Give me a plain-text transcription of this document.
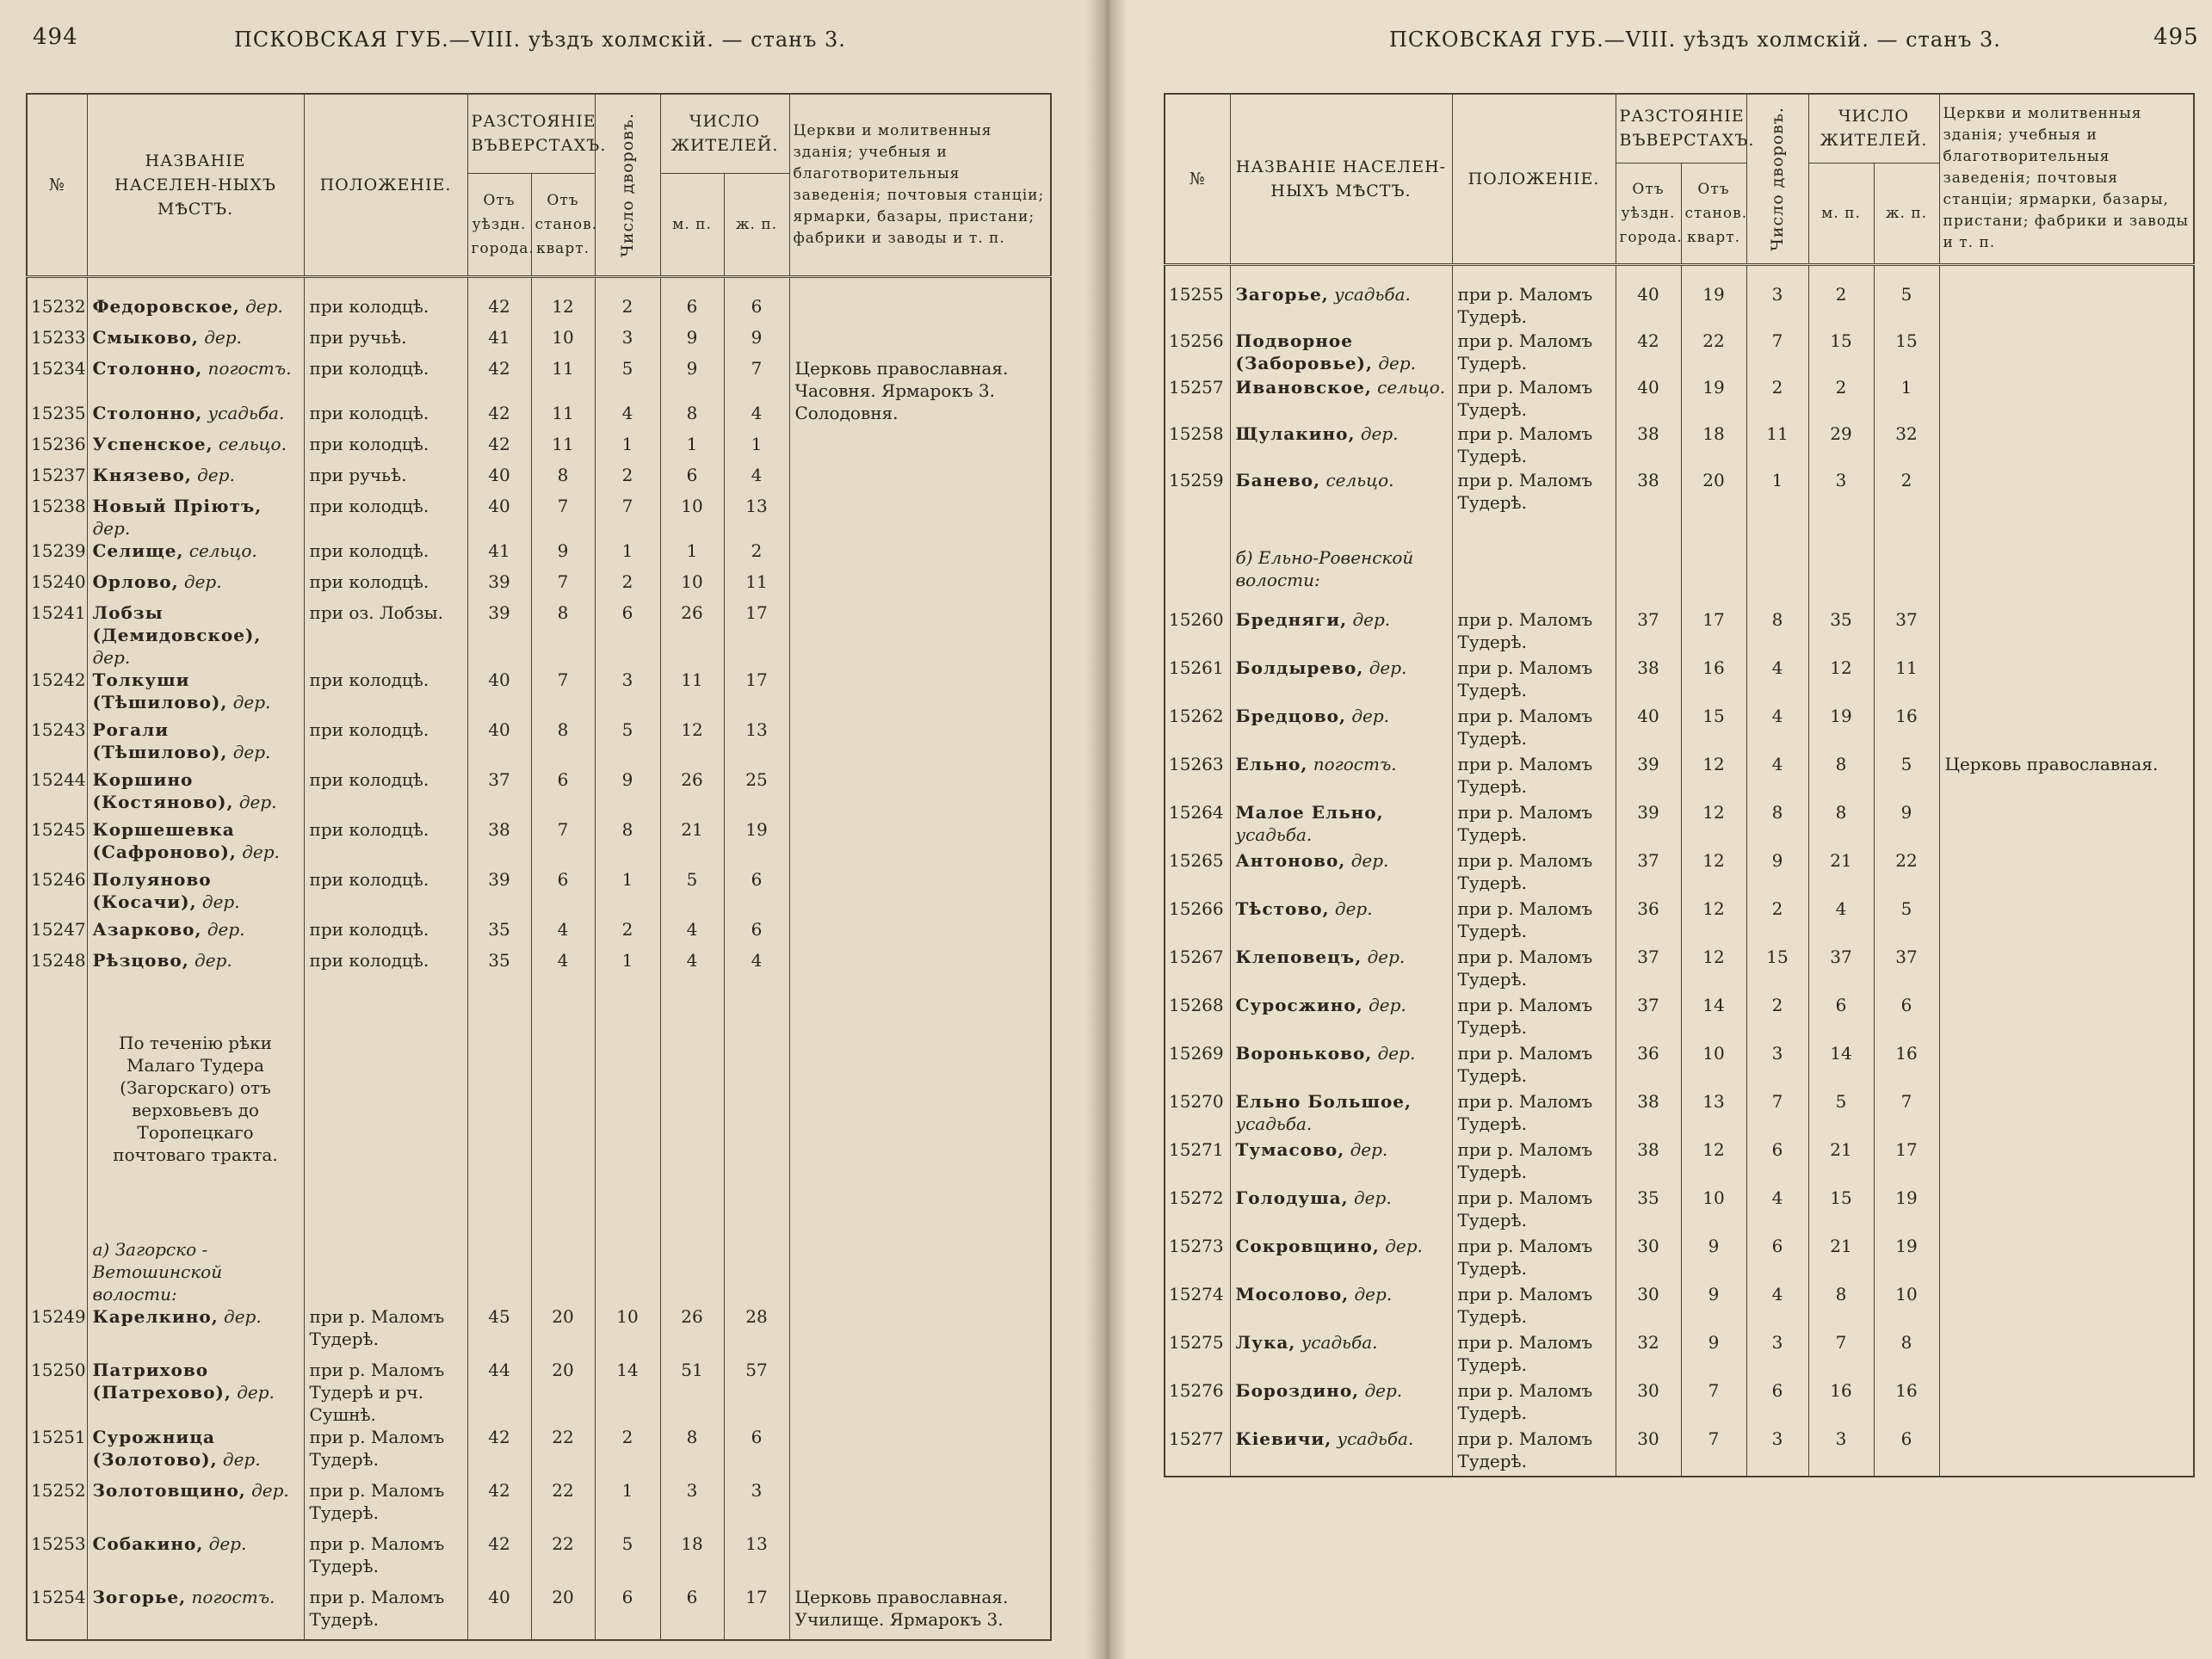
494	ПСКОВСКАЯ ГУБ.—VIII. уѣздъ холмскій. — станъ 3.
№	НАЗВАНІЕ НАСЕЛЕН-НЫХЪ МѢСТЪ.	ПОЛОЖЕНІЕ.	РАЗСТОЯНІЕ ВЪВЕРСТАХЪ.		Число дворовъ.	ЧИСЛО ЖИТЕЛЕЙ.		Церкви и молитвенныя зданія; учебныя и благотворительныя заведенія; почтовыя станціи; ярмарки, базары, пристани; фабрики и заводы и т. п.
			Отъ уѣздн. города.	Отъ станов. кварт.		м. п.	ж. п.	

15232	Федоровское, дер.	при колодцѣ.	42	12	2	6	6	
15233	Смыково, дер.	при ручьѣ.	41	10	3	9	9	
15234	Столонно, погостъ.	при колодцѣ.	42	11	5	9	7	Церковь православная. Часовня. Ярмарокъ 3.
15235	Столонно, усадьба.	при колодцѣ.	42	11	4	8	4	Солодовня.
15236	Успенское, сельцо.	при колодцѣ.	42	11	1	1	1	
15237	Князево, дер.	при ручьѣ.	40	8	2	6	4	
15238	Новый Пріютъ, дер.	при колодцѣ.	40	7	7	10	13	
15239	Селище, сельцо.	при колодцѣ.	41	9	1	1	2	
15240	Орлово, дер.	при колодцѣ.	39	7	2	10	11	
15241	Лобзы (Демидовское), дер.	при оз. Лобзы.	39	8	6	26	17	
15242	Толкуши (Тѣшилово), дер.	при колодцѣ.	40	7	3	11	17	
15243	Рогали (Тѣшилово), дер.	при колодцѣ.	40	8	5	12	13	
15244	Коршино (Костяново), дер.	при колодцѣ.	37	6	9	26	25	
15245	Коршешевка (Сафроново), дер.	при колодцѣ.	38	7	8	21	19	
15246	Полуяново (Косачи), дер.	при колодцѣ.	39	6	1	5	6	
15247	Азарково, дер.	при колодцѣ.	35	4	2	4	6	
15248	Рѣзцово, дер.	при колодцѣ.	35	4	1	4	4	

	По теченію рѣки Малаго Тудера (Загорскаго) отъ верховьевъ до Торопецкаго почтоваго тракта.							
	а) Загорско - Ветошинской волости:							
15249	Карелкино, дер.	при р. Маломъ Тудерѣ.	45	20	10	26	28	
15250	Патрихово (Патрехово), дер.	при р. Маломъ Тудерѣ и рч. Сушнѣ.	44	20	14	51	57	
15251	Сурожница (Золотово), дер.	при р. Маломъ Тудерѣ.	42	22	2	8	6	
15252	Золотовщино, дер.	при р. Маломъ Тудерѣ.	42	22	1	3	3	
15253	Собакино, дер.	при р. Маломъ Тудерѣ.	42	22	5	18	13	
15254	Зогорье, погостъ.	при р. Маломъ Тудерѣ.	40	20	6	6	17	Церковь православная. Училище. Ярмарокъ 3.
ПСКОВСКАЯ ГУБ.—VIII. уѣздъ холмскій. — станъ 3.	495
№	НАЗВАНІЕ НАСЕЛЕН-НЫХЪ МѢСТЪ.	ПОЛОЖЕНІЕ.	РАЗСТОЯНІЕ ВЪВЕРСТАХЪ.		Число дворовъ.	ЧИСЛО ЖИТЕЛЕЙ.		Церкви и молитвенныя зданія; учебныя и благотворительныя заведенія; почтовыя станціи; ярмарки, базары, пристани; фабрики и заводы и т. п.
			Отъ уѣздн. города.	Отъ станов. кварт.		м. п.	ж. п.	

15255	Загорье, усадьба.	при р. Маломъ Тудерѣ.	40	19	3	2	5	
15256	Подворное (Заборовье), дер.	при р. Маломъ Тудерѣ.	42	22	7	15	15	
15257	Ивановское, сельцо.	при р. Маломъ Тудерѣ.	40	19	2	2	1	
15258	Щулакино, дер.	при р. Маломъ Тудерѣ.	38	18	11	29	32	
15259	Банево, сельцо.	при р. Маломъ Тудерѣ.	38	20	1	3	2	

	б) Ельно-Ровенской волости:							
15260	Бредняги, дер.	при р. Маломъ Тудерѣ.	37	17	8	35	37	
15261	Болдырево, дер.	при р. Маломъ Тудерѣ.	38	16	4	12	11	
15262	Бредцово, дер.	при р. Маломъ Тудерѣ.	40	15	4	19	16	
15263	Ельно, погостъ.	при р. Маломъ Тудерѣ.	39	12	4	8	5	Церковь православная.
15264	Малое Ельно, усадьба.	при р. Маломъ Тудерѣ.	39	12	8	8	9	
15265	Антоново, дер.	при р. Маломъ Тудерѣ.	37	12	9	21	22	
15266	Тѣстово, дер.	при р. Маломъ Тудерѣ.	36	12	2	4	5	
15267	Клеповецъ, дер.	при р. Маломъ Тудерѣ.	37	12	15	37	37	
15268	Суросжино, дер.	при р. Маломъ Тудерѣ.	37	14	2	6	6	
15269	Вороньково, дер.	при р. Маломъ Тудерѣ.	36	10	3	14	16	
15270	Ельно Большое, усадьба.	при р. Маломъ Тудерѣ.	38	13	7	5	7	
15271	Тумасово, дер.	при р. Маломъ Тудерѣ.	38	12	6	21	17	
15272	Голодуша, дер.	при р. Маломъ Тудерѣ.	35	10	4	15	19	
15273	Сокровщино, дер.	при р. Маломъ Тудерѣ.	30	9	6	21	19	
15274	Мосолово, дер.	при р. Маломъ Тудерѣ.	30	9	4	8	10	
15275	Лука, усадьба.	при р. Маломъ Тудерѣ.	32	9	3	7	8	
15276	Бороздино, дер.	при р. Маломъ Тудерѣ.	30	7	6	16	16	
15277	Кіевичи, усадьба.	при р. Маломъ Тудерѣ.	30	7	3	3	6	
